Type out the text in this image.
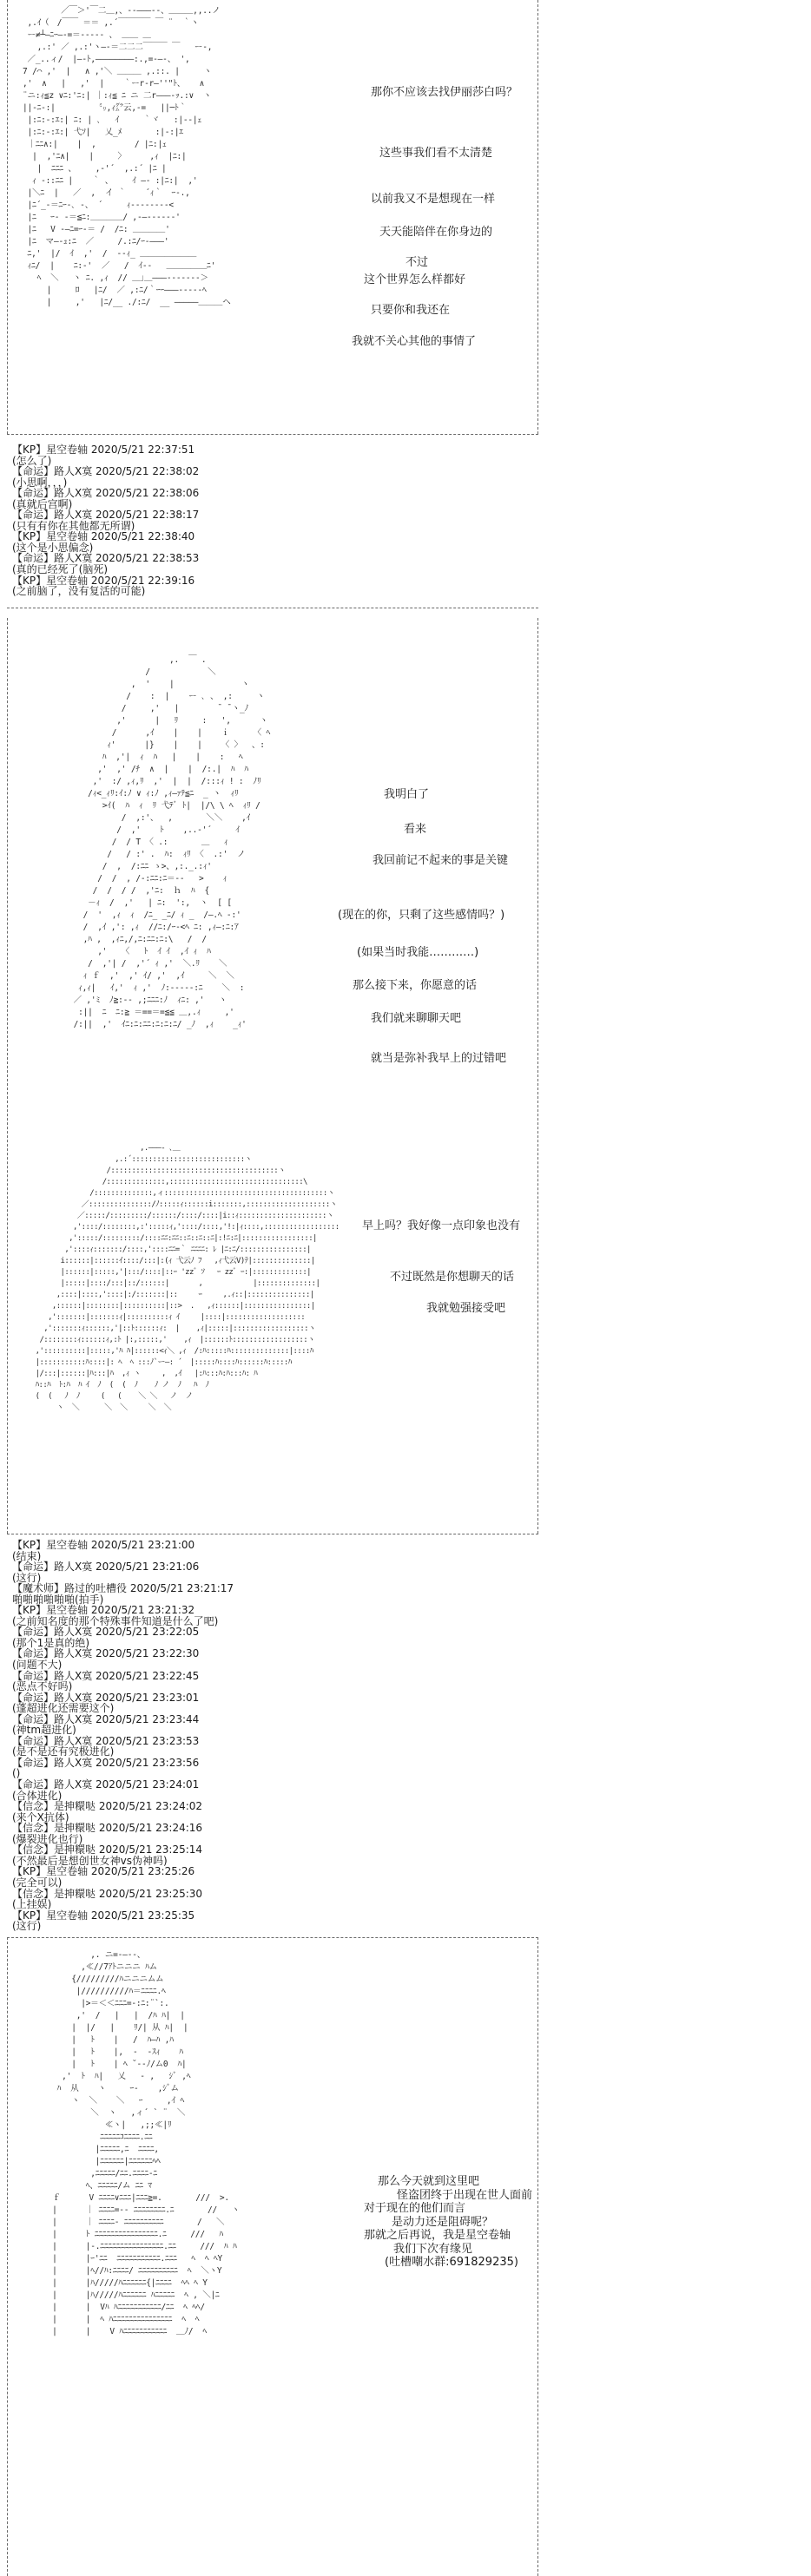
／￣＞'￣二＿,、-‐―――‐-、＿＿＿,,..ノ
,.ｲ（　/￣￣ ＝＝ ,.´￣￣￣￣ ￣ ¨  ｀ヽ
ー≠┴―ﾆｰ―‐=＝‐‐‐-- 、 ＿＿ ＿
,.:' ／ ,.:'ヽ―‐＝二二二￣￣￣ ￣   ー-,
／_..ィ/  |―‐ﾄ,――――――――:.,=-―-、 ',
7 /⌒ ,'  |   ∧ ,'＼ ＿＿＿ ,.::. |     ヽ
,'  ∧   |   ,'  |    ｀ーr‐r―''"ﾄ、   ∧
¨ニ:ｨ≦z ∨ﾆ:'ﾆ:| ｜:ｨ≦ ﾆ ニ 二r―――-ｯ.:∨  ヽ
||-ﾆ-:|         ㍉,ｨ㌘云,‐=   ||─ﾄ｀
|:ﾆ:-:ｴ:| ﾆ: | ､   ｲ     ｀ヾ   :|--|ｪ
|:ﾆ:-:ｴ:| 弋ｿ|   乂_ﾒ       :|-:|ｴ
｜ﾆﾆ∧:|    |  ,        / |ﾆ:|ｪ
|  ,'ﾆ∧|    |     〉     ,ｨ  |ﾆ:|
|  ﾆﾆﾆ 、    ,‐'´  ,.:´ |ﾆ |
ｨ ‐::ﾆﾆ |    ｀ 、    ｲ ―‐ :|ﾆ:|  ,'
|＼ﾆ  |   ／  ,  イ ｀    ´ｨ｀  ｰ‐.,
|ﾆ´_-＝ﾆｰ-､ ‐、 ´     ｨ-‐‐‐‐‐‐‐<
|ﾆ   ｰ‐ -＝≦ﾆ:＿＿＿＿/ ,-―‐‐‐‐‐‐'
|ﾆ   V ‐―ﾆ=ｰ-＝ /  /ﾆ: ＿＿＿＿'
|ﾆ  マ―‐ｭ:ﾆ  ／     /.:ﾆ/ｰ‐―――'
ﾆ,'  |/  ｲ  ,'  /  ‐-ｨ_ ＿＿＿＿＿＿＿
ｨﾆ/  |    ﾆ:-'  ／   /  ｲ‐-   ＿＿＿＿＿ﾆ'
ﾍ  ＼   ヽ ﾆ. ,ｨ  // ＿｣＿―――‐‐‐‐‐‐‐＞
|     ﾛ   |ﾆ/  ／ ,:ﾆ/｀ｰｰ―――‐‐‐‐‐ﾍ
|     ,'   |ﾆ/__ ./:ﾆ/  __ ―――――＿＿＿ヘ
那你不应该去找伊丽莎白吗？
这些事我们看不太清楚
以前我又不是想现在一样
天天能陪伴在你身边的
不过
这个世界怎么样都好
只要你和我还在
我就不关心其他的事情了
【KP】星空卷轴 2020/5/21 22:37:51
(怎么了)
【命运】路人X寞 2020/5/21 22:38:02
(小思啊，，，)
【命运】路人X寞 2020/5/21 22:38:06
(真就后宫啊)
【命运】路人X寞 2020/5/21 22:38:17
(只有有你在其他都无所谓)
【KP】星空卷轴 2020/5/21 22:38:40
(这个是小思偏念)
【命运】路人X寞 2020/5/21 22:38:53
(真的已经死了(脑死)
【KP】星空卷轴 2020/5/21 22:39:16
(之前脑了，没有复活的可能)
,.  ￣ .
/            ＼
,  '    |              ヽ
/    :  |    ー ､ 、 ,:     ヽ
/     ,'   |        ̄  ̄ ヽ_ﾉ
,'      |   ﾘ     :   ',      ヽ
/      ,ｲ    |    |    ｉ     〈 ﾍ
ｨ'      |}    |    |    〈 〉  、:
ﾊ  ,'|  ｨ  ﾊ   |    |    :   ﾍ
,'  ,' /ﾁ  ∧  |    |  /:.|  ﾊ  ﾊ
,'  :/ ,ｨ,ﾘ  ,'  |  |  /:::ｨ ! :  ﾉﾘ
/ｨ<_ｨﾘ:ｲ:ﾉ ∨ ｨ:ﾉ ,ｨ―ｧﾃ≦ﾆ  _ ヽ  ｨﾘ
>ｲ(  ﾊ  ｨ  ﾘ 弋ﾃﾞ ﾄ|  |/\ \ ﾍ  ｨﾘ /
/  ,:'、  ,       ＼＼    ,ｲ
/  ,'    ﾄ    ,..‐'´     ｲ
/  / T 〈 .:       ＿   ｨ
/   / :' .  ﾊ:  ｨﾘ 〈  .:'  ノ
/  ,  /:ﾆﾆ ゝ>、,:._.:ｨ'
/  /  , /-:ﾆﾆ:ﾆ＝-‐   >    ｨ
/  /  / /  ,'ﾆ:  ｈ  ﾊ  {
－ｨ  /  ,'   | ﾆ:  ':,  ヽ  [ [
/  '  ,ｨ  ｨ  /ﾆ_ _ﾆ/ ｨ _  /―.ﾍ -:'
/  ,ｲ ,': ,ｨ  //ﾆ:/ｰ‐<ﾍ ﾆ: ,ｨ―:ﾆ:ｱ
,ﾊ ,  ,ｨﾆ,/,ﾆ:ﾆﾆ:ﾆ:\   /  /
,'   〈   ﾄ  ｲ ｲ  ,ｲ ｨ  ﾊ
/  ,'| /  ,'´ ｨ ,'  ＼.ﾘ    ＼
ｨ ｆ  ,'  ,' ｲ/ ,'  ,ｲ     ＼  ＼
ｨ,ｨ|   ｲ,'  ｨ ,'  ﾉ:‐‐‐‐‐:ﾆ    ＼  :
／ ,'ﾐ  ﾉ≧:‐- ,;ﾆﾆﾆ:ﾉ  ｨﾆ: ,'   ヽ
:||  ﾆ  ﾆ:≧ ＝==＝=≦≦ ＿,.ｨ     ,'
/:||  ,'  ｲﾆ:ﾆ:ﾆﾆ:ﾆ:ﾆ:ﾆ/ _ﾉ  ,ｨ    _ｨ'
我明白了
看来
我回前记不起来的事是关键
(现在的你，只剩了这些感情吗？)
(如果当时我能…………)
那么接下来，你愿意的话
我们就来聊聊天吧
就当是弥补我早上的过错吧
,.―――- ､＿
,.:´:::::::::::::::::::::::::::ヽ
/::::::::::::::::::::::::::::::::::::::::ヽ
/::::::::::::::,::::::::::::::::::::::::::::::::\
/::::::::::::::,ィ:::::::::::::::::::::::::::::::::::::::ヽ
／:::::::::::::::/ﾉ:::::ｨ::::::i:::::::,::::::::::::::::::::ヽ
／:::::/:::::::::/::::::/::::/::::|i::ｨ:::::::::::::::::::::ヽ
,'::::/::::::::,:':::::ｨ,'::::/::::,'!:|ｨ::::,::::::::::::::::::
,':::::/:::::::::/::::ﾆﾆ:ﾆﾆ::ﾆ::ﾆ::ﾆ|:!ﾆ:ﾆ|:::::::::::::::::|
,'::::ｨ:::::::/::::,'::::ﾆﾆ=｀ ﾆﾆﾆﾆ: ﾚ |ﾆ:ﾆ/::::::::::::::::|
i::::::|::::::ｲ::::/:::|:(ｨ 弋云ﾉ ﾌ   ,ｨ弋云V)ﾃ|::::::::::::::|
|::::::|:::::,'|:::/::::|::ｰ 'zzﾞ ｿ   ｰ zzﾞ ｰ:|:::::::::::::|
|:::::|::::/:::|::/::::::|       ,            |::::::::::::::|
,::::|::::,'::::|:/:::::::|::     ｰ     ,.ｨ::|:::::::::::::::|
,::::::|::::::::|::::::::::|::>  .   ,ｨ::::::|::::::::::::::::|
,':::::::|:::::::ｨ|::::::::::ｨ ｲ     |::::|:::::::::::::::::::
,':::::::ｨ::::::,'|::ﾄ::::::ｨ:  |    ,ｨ|:::::|::::::::::::::::::ヽ
/::::::::ｨ::::::ｨ,:ﾄ |:,:::::,'    ,ｨ  |::::::ﾄ::::::::::::::::::ヽ
,'::::::::::|:::::,'ﾊ ﾊ|::::::<ｨ＼ ,ｨ  /:ﾊ:::::ﾊ::::::::::::::|::::ﾊ
|:::::::::::ﾊ::::|: ﾍ  ﾍ :::ﾉ`ー―: ´  |:::::ﾊ::::ﾊ::::::ﾊ:::::ﾊ
|/:::|::::::|ﾊ:::|ﾊ  ,ｨ ヽ     ,  ,ｲ   |:ﾊ:::ﾊ:ﾊ:::ﾊ: ﾊ
ﾊ::ﾊ  ﾄ:ﾊ  ﾊ ｲ  ﾉ  (  (  ﾉ    ﾉ ノ  ﾉ   ﾊ  ﾉ
(  (   ﾉ  ﾉ     (   (    ＼ ＼   ノ  ノ
ヽ  ＼      ＼  ＼     ＼  ＼
早上吗？我好像一点印象也没有
不过既然是你想聊天的话
我就勉强接受吧
【KP】星空卷轴 2020/5/21 23:21:00
(结束)
【命运】路人X寞 2020/5/21 23:21:06
(这行)
【魔术师】路过的吐槽役 2020/5/21 23:21:17
啪啪啪啪啪啪(拍手)
【KP】星空卷轴 2020/5/21 23:21:32
(之前知名度的那个特殊事件知道是什么了吧)
【命运】路人X寞 2020/5/21 23:22:05
(那个1是真的绝)
【命运】路人X寞 2020/5/21 23:22:30
(问题不大)
【命运】路人X寞 2020/5/21 23:22:45
(恶点不好吗)
【命运】路人X寞 2020/5/21 23:23:01
(蓬超进化还需要这个)
【命运】路人X寞 2020/5/21 23:23:44
(神tm超进化)
【命运】路人X寞 2020/5/21 23:23:53
(是不是还有究极进化)
【命运】路人X寞 2020/5/21 23:23:56
()
【命运】路人X寞 2020/5/21 23:24:01
(合体进化)
【信念】是抻糫哒 2020/5/21 23:24:02
(来个X抗体)
【信念】是抻糫哒 2020/5/21 23:24:16
(爆裂进化也行)
【信念】是抻糫哒 2020/5/21 23:25:14
(不然最后是想创世女神vs伪神吗)
【KP】星空卷轴 2020/5/21 23:25:26
(完全可以)
【信念】是抻糫哒 2020/5/21 23:25:30
(上挂娱)
【KP】星空卷轴 2020/5/21 23:25:35
(这行)
,. ニ=‐―‐-、
,≪//7ｱﾄニニニ ﾊム
{/////////ﾊニニニムム
|//////////ﾊ＝ﾆﾆﾆﾆ.ﾍ
|>＝＜＜ﾆﾆﾆ=‐:ﾆ:¨`:.
,'  /   |   |  /ﾊ ﾊ|  |
|  |/   |    ﾘ/| 从 ﾊ|  |
|   ﾄ    |   /  ﾊ―ﾊ ,ﾊ
|   ﾄ    |,  -  ‐ｽｨ    ﾊ
|   ﾄ    | ﾍ ˘‐-ﾉ/ム0  ﾊ|
,'  ﾄ  ﾊ|   乂   ‐ ,   ｼﾞ ,ﾍ
ﾊ  从    ヽ     ｰ‐    ,ｼﾞム
ヽ  ＼    ＼   ｰ     ,ｲ ﾍ
＼  ヽ   ,ィ´ ` ¨  ＼
≪ヽ|   ,;;≪|ﾘ
ﾆﾆﾆﾆﾆｺﾆﾆﾆﾆ.ﾆﾆ
|ﾆﾆﾆﾆﾆ,ﾆ  ﾆﾆﾆﾆ,
|ﾆﾆﾆﾆﾆﾆ|ﾆﾆﾆﾆﾆﾆﾍﾍ
,ﾆﾆﾆﾆﾆ/ﾆﾆ.ﾆﾆﾆﾆ-ﾆ
ﾍ、ﾆﾆﾆﾆﾆ/ム ﾆﾆ ﾏ
ｆ      V ﾆﾆﾆﾆ∨ﾆﾆﾆ|ﾆﾆﾆ≧=.       ///  >.
|      ｜ ﾆﾆﾆﾆ=‐- ﾆﾆﾆﾆﾆﾆﾆﾆ.ﾆ       //   ヽ
|      ｜ ﾆﾆﾆﾆ‐ ﾆﾆﾆﾆﾆﾆﾆﾆﾆﾆ       /   ＼
|      ﾄ ﾆﾆﾆﾆﾆﾆﾆﾆﾆﾆﾆﾆﾆﾆﾆﾆ.ﾆ     ///   ﾊ
|      |-.ﾆﾆﾆﾆﾆﾆﾆﾆﾆﾆﾆﾆﾆﾆﾆﾆ.ﾆﾆ     ///  ﾊ ﾊ
|      |ｰ'ﾆﾆ  ﾆﾆﾆﾆﾆﾆﾆﾆﾆﾆﾆ.ﾆﾆﾆ   ﾍ  ﾍ ﾍY
|      |ﾍ//ﾊ:ﾆﾆﾆﾆ/ ﾆﾆﾆﾆﾆﾆﾆﾆﾆﾆ  ﾍ  ＼ヽY
|      |ﾊ/////ﾊﾆﾆﾆﾆﾆﾆ{|ﾆﾆﾆﾆ  ﾍﾍ ﾍ Y
|      |ﾊ/////ﾊﾆﾆﾆﾆﾆﾆ ﾊﾆﾆﾆﾆﾆ  ﾍ , ＼|ﾆ
|      |  Vﾊ ﾊﾆﾆﾆﾆﾆﾆﾆﾆﾆﾆﾆ/ﾆﾆ  ﾍ ﾍﾍ/
|      |  ﾍ ﾊﾆﾆﾆﾆﾆﾆﾆﾆﾆﾆﾆﾆﾆﾆﾆ  ﾍ  ﾍ
|      |    V ﾊﾆﾆﾆﾆﾆﾆﾆﾆﾆﾆﾆ  ＿ﾉ/  ﾍ
那么今天就到这里吧
怪盗团终于出现在世人面前
对于现在的他们而言
是动力还是阻碍呢？
那就之后再说，我是星空卷轴
我们下次有缘见
(吐槽嘲水群:691829235)
